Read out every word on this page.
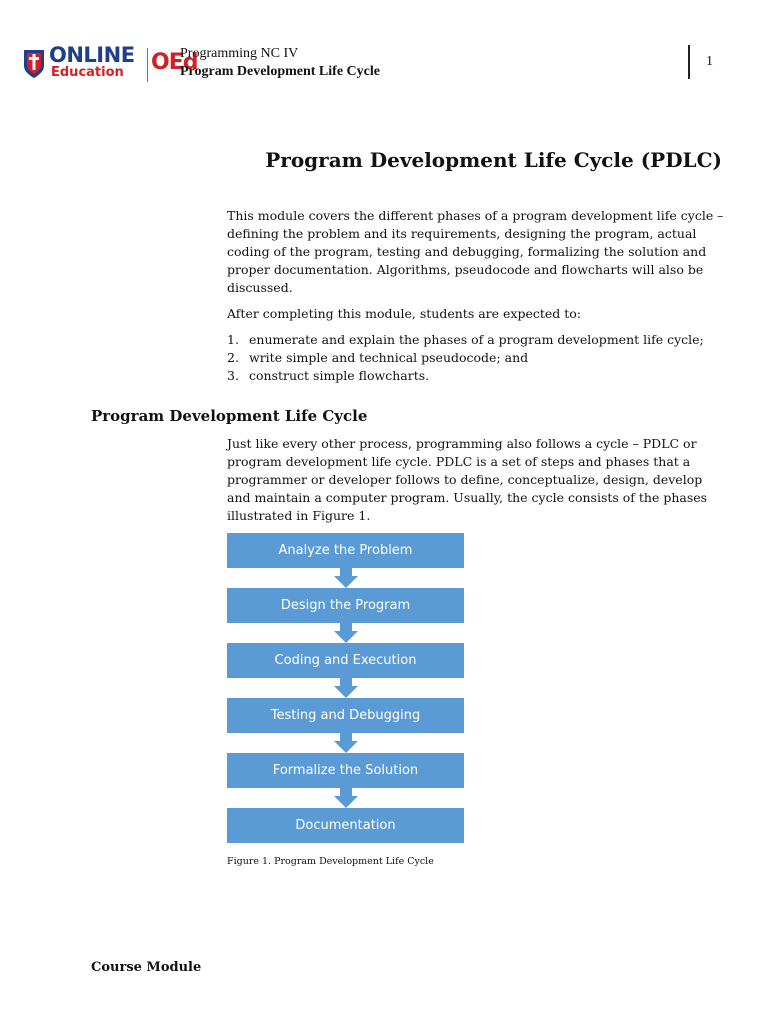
ONLINE
Education OEd
Programming NC IV
Program Development Life Cycle
1
Program Development Life Cycle (PDLC)
This module covers the different phases of a program development life cycle – defining the problem and its requirements, designing the program, actual coding of the program, testing and debugging, formalizing the solution and proper documentation. Algorithms, pseudocode and flowcharts will also be discussed.
After completing this module, students are expected to:
1. enumerate and explain the phases of a program development life cycle;
2. write simple and technical pseudocode; and
3. construct simple flowcharts.
Program Development Life Cycle
Just like every other process, programming also follows a cycle – PDLC or program development life cycle. PDLC is a set of steps and phases that a programmer or developer follows to define, conceptualize, design, develop and maintain a computer program. Usually, the cycle consists of the phases illustrated in Figure 1.
Analyze the Problem
Design the Program
Coding and Execution
Testing and Debugging
Formalize the Solution
Documentation
Figure 1. Program Development Life Cycle
Course Module
